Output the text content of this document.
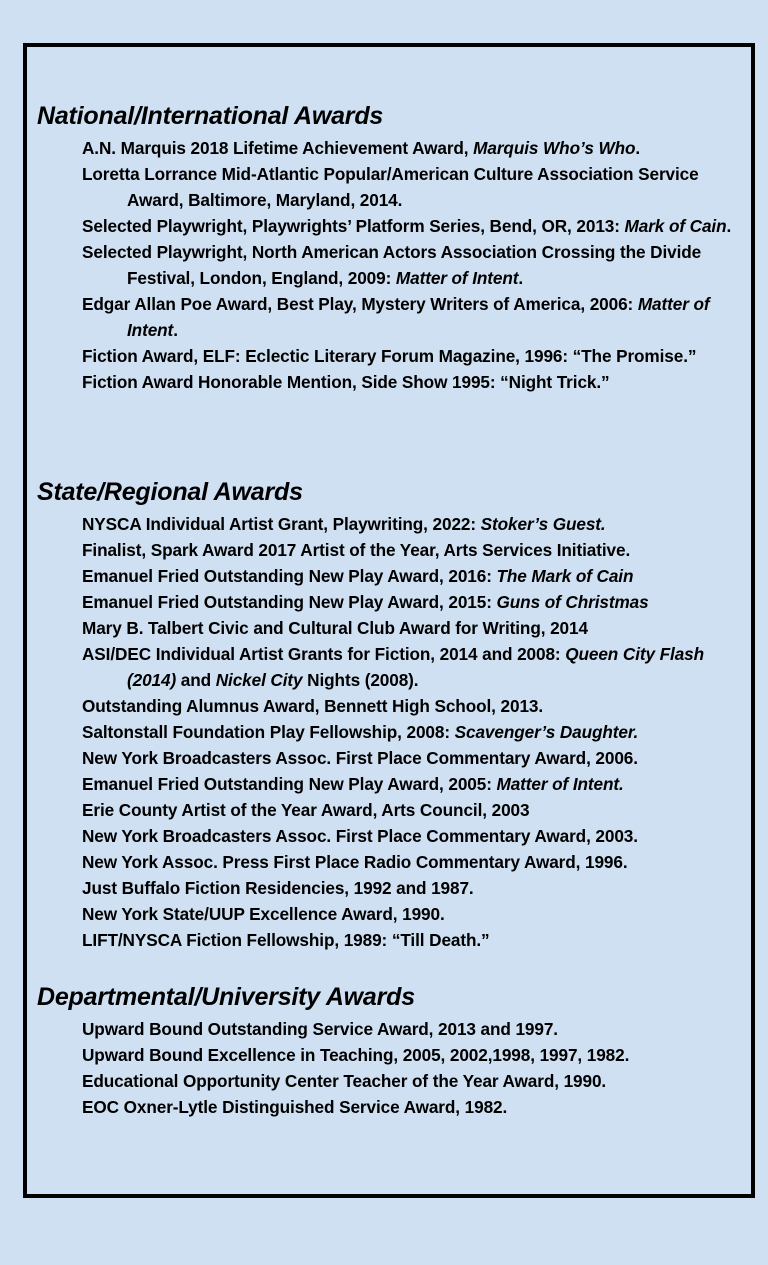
National/International Awards
A.N. Marquis 2018 Lifetime Achievement Award, Marquis Who’s Who.
Loretta Lorrance Mid-Atlantic Popular/American Culture Association Service Award, Baltimore, Maryland, 2014.
Selected Playwright, Playwrights’ Platform Series, Bend, OR, 2013: Mark of Cain.
Selected Playwright, North American Actors Association Crossing the Divide Festival, London, England, 2009: Matter of Intent.
Edgar Allan Poe Award, Best Play, Mystery Writers of America, 2006: Matter of Intent.
Fiction Award, ELF: Eclectic Literary Forum Magazine, 1996: “The Promise.”
Fiction Award Honorable Mention, Side Show 1995: “Night Trick.”
State/Regional Awards
NYSCA Individual Artist Grant, Playwriting, 2022: Stoker’s Guest.
Finalist, Spark Award 2017 Artist of the Year, Arts Services Initiative.
Emanuel Fried Outstanding New Play Award, 2016: The Mark of Cain
Emanuel Fried Outstanding New Play Award, 2015: Guns of Christmas
Mary B. Talbert Civic and Cultural Club Award for Writing, 2014
ASI/DEC Individual Artist Grants for Fiction, 2014 and 2008: Queen City Flash (2014) and Nickel City Nights (2008).
Outstanding Alumnus Award, Bennett High School, 2013.
Saltonstall Foundation Play Fellowship, 2008: Scavenger’s Daughter.
New York Broadcasters Assoc. First Place Commentary Award, 2006.
Emanuel Fried Outstanding New Play Award, 2005: Matter of Intent.
Erie County Artist of the Year Award, Arts Council, 2003
New York Broadcasters Assoc. First Place Commentary Award, 2003.
New York Assoc. Press First Place Radio Commentary Award, 1996.
Just Buffalo Fiction Residencies, 1992 and 1987.
New York State/UUP Excellence Award, 1990.
LIFT/NYSCA Fiction Fellowship, 1989: “Till Death.”
Departmental/University Awards
Upward Bound Outstanding Service Award, 2013 and 1997.
Upward Bound Excellence in Teaching, 2005, 2002,1998, 1997, 1982.
Educational Opportunity Center Teacher of the Year Award, 1990.
EOC Oxner-Lytle Distinguished Service Award, 1982.
